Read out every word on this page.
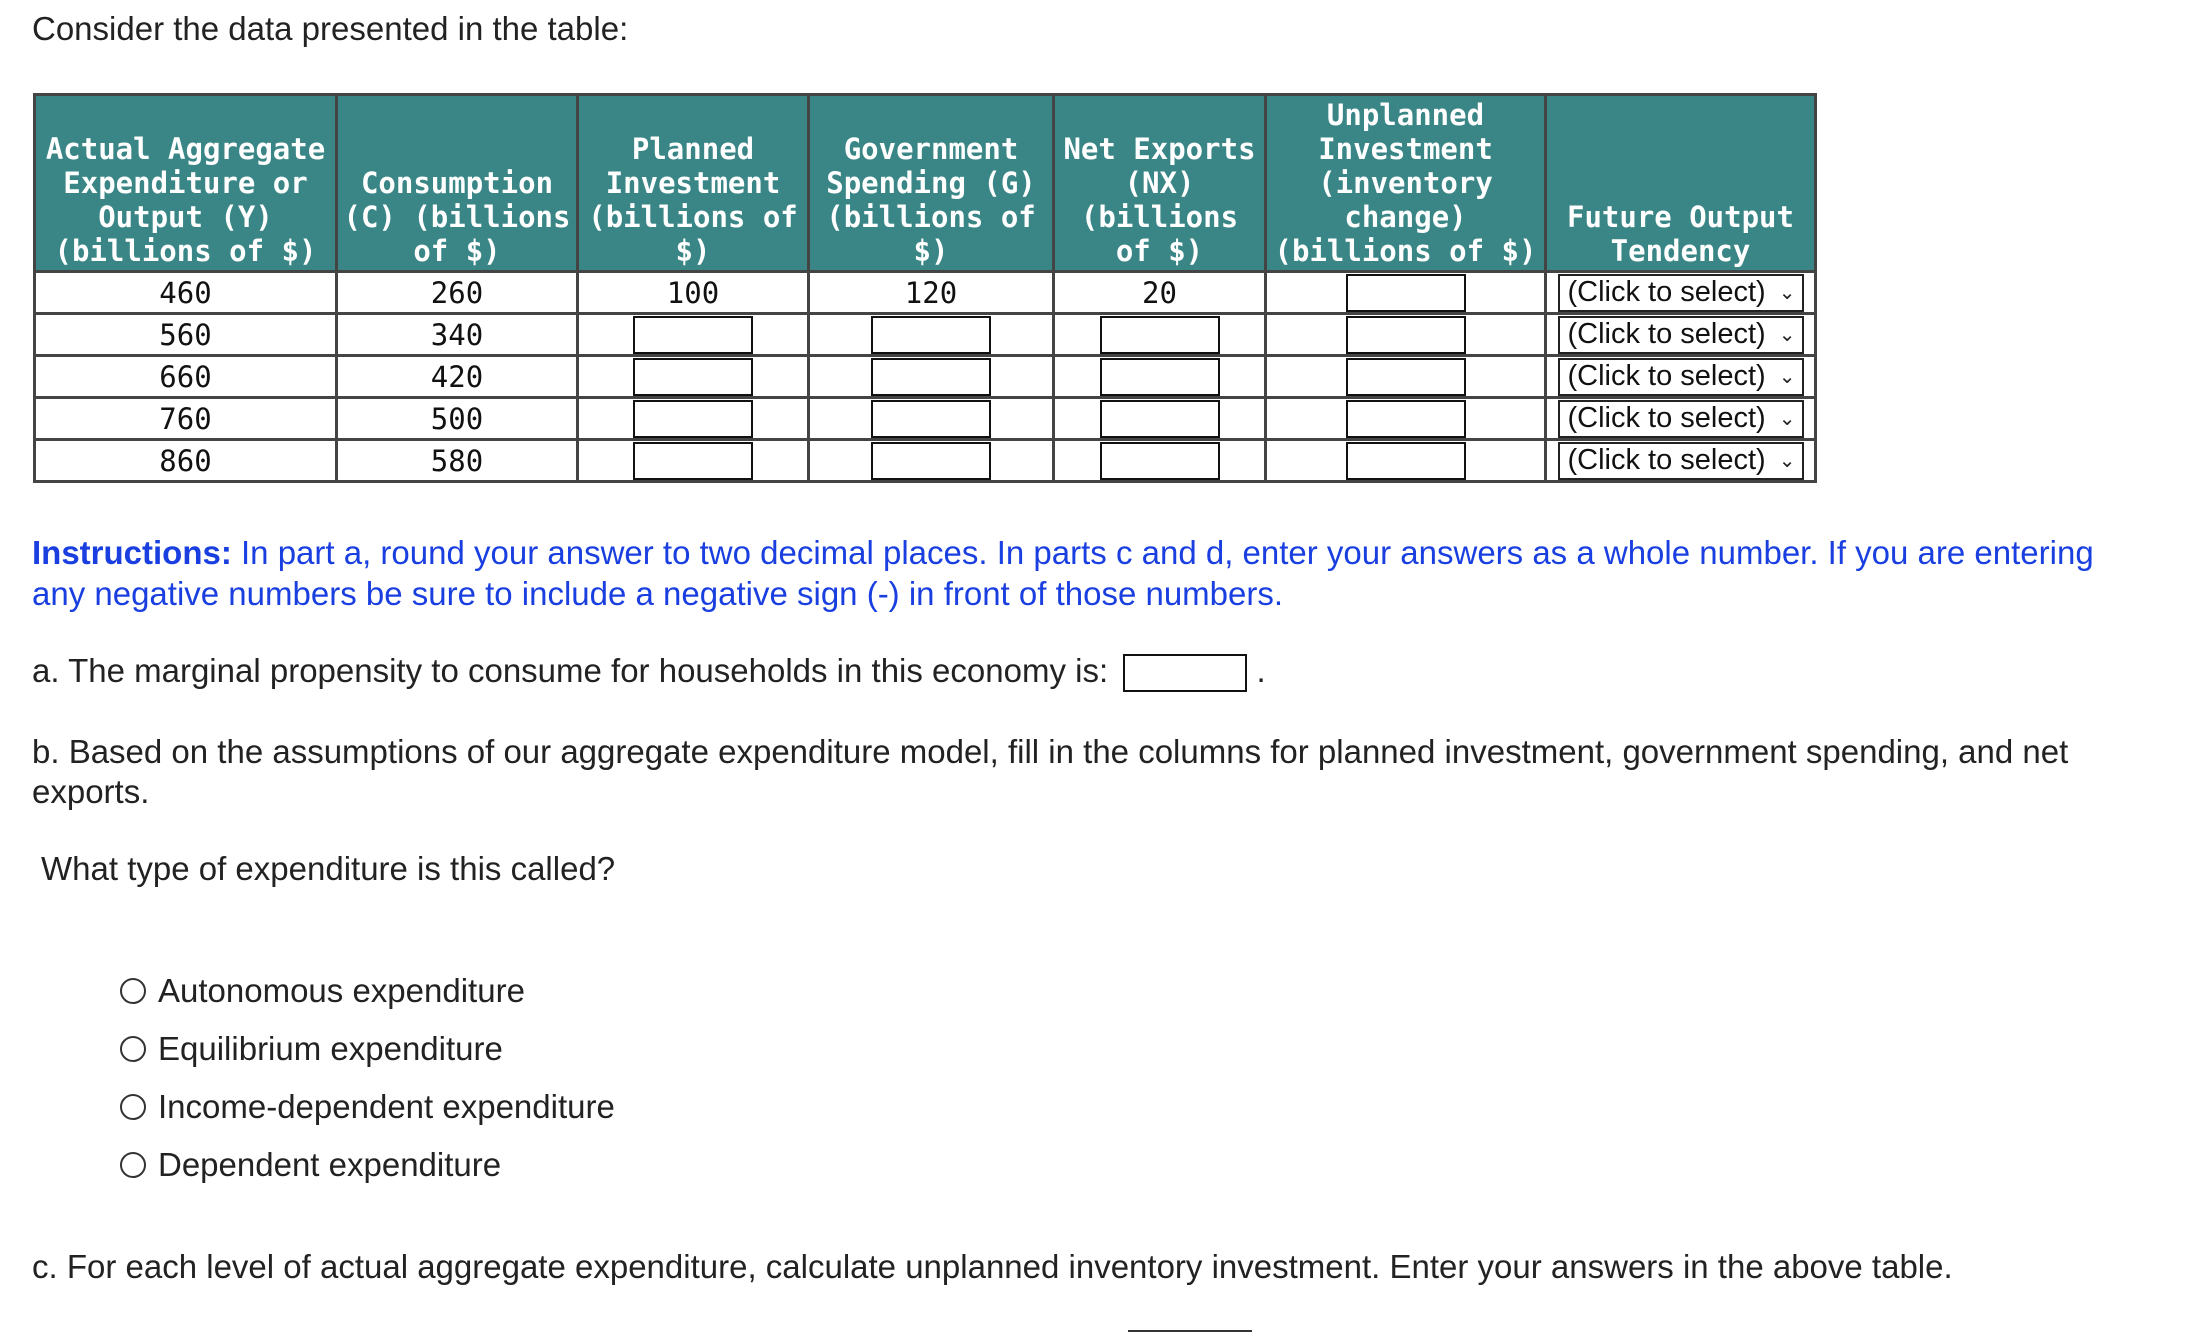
Consider the data presented in the table:
Actual Aggregate Expenditure or Output (Y) (billions of $)	Consumption (C) (billions of $)	Planned Investment (billions of $)	Government Spending (G) (billions of $)	Net Exports (NX) (billions of $)	Unplanned Investment (inventory change) (billions of $)	Future Output Tendency
460	260	100	120	20		(Click to select) ⌄

560	340					(Click to select) ⌄

660	420					(Click to select) ⌄

760	500					(Click to select) ⌄

860	580					(Click to select) ⌄
Instructions: In part a, round your answer to two decimal places. In parts c and d, enter your answers as a whole number. If you are entering any negative numbers be sure to include a negative sign (-) in front of those numbers.
a. The marginal propensity to consume for households in this economy is:	.
b. Based on the assumptions of our aggregate expenditure model, fill in the columns for planned investment, government spending, and net exports.
What type of expenditure is this called?
Autonomous expenditure
Equilibrium expenditure
Income-dependent expenditure
Dependent expenditure
c. For each level of actual aggregate expenditure, calculate unplanned inventory investment. Enter your answers in the above table.
